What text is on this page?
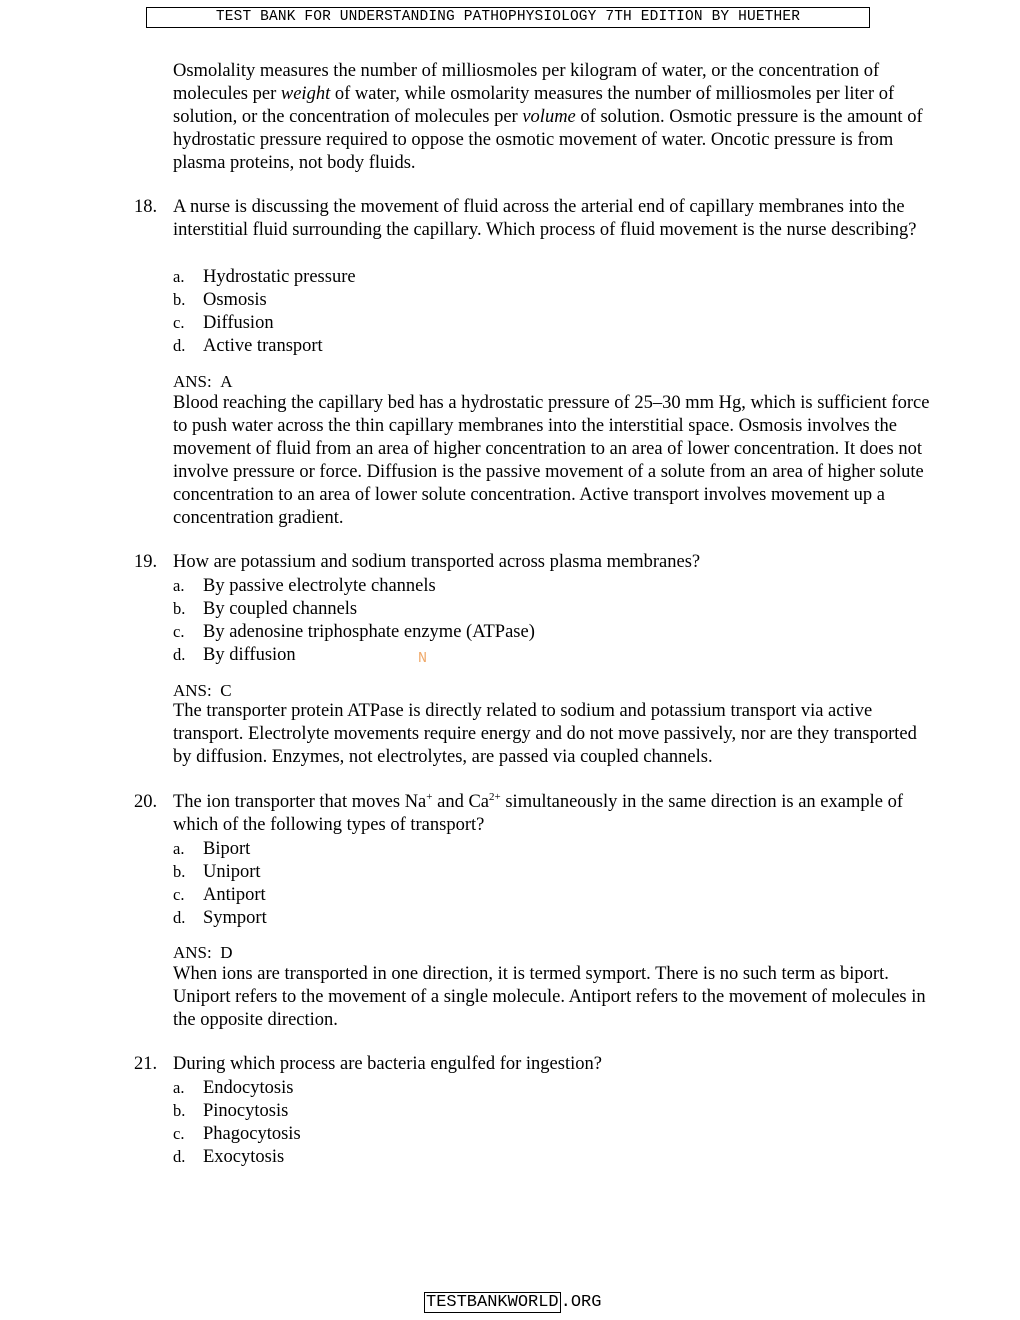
TEST BANK FOR UNDERSTANDING PATHOPHYSIOLOGY 7TH EDITION BY HUETHER

Osmolality measures the number of milliosmoles per kilogram of water, or the concentration of molecules per weight of water, while osmolarity measures the number of milliosmoles per liter of solution, or the concentration of molecules per volume of solution. Osmotic pressure is the amount of hydrostatic pressure required to oppose the osmotic movement of water. Oncotic pressure is from plasma proteins, not body fluids.

18. A nurse is discussing the movement of fluid across the arterial end of capillary membranes into the interstitial fluid surrounding the capillary. Which process of fluid movement is the nurse describing?

a. Hydrostatic pressure
b. Osmosis
c. Diffusion
d. Active transport
ANS: A

Blood reaching the capillary bed has a hydrostatic pressure of 25–30 mm Hg, which is sufficient force to push water across the thin capillary membranes into the interstitial space. Osmosis involves the movement of fluid from an area of higher concentration to an area of lower concentration. It does not involve pressure or force. Diffusion is the passive movement of a solute from an area of higher solute concentration to an area of lower solute concentration. Active transport involves movement up a concentration gradient.

19. How are potassium and sodium transported across plasma membranes?

a. By passive electrolyte channels
b. By coupled channels
c. By adenosine triphosphate enzyme (ATPase)
d. By diffusion	N
ANS: C

The transporter protein ATPase is directly related to sodium and potassium transport via active transport. Electrolyte movements require energy and do not move passively, nor are they transported by diffusion. Enzymes, not electrolytes, are passed via coupled channels.

20. The ion transporter that moves Na+ and $Ca^{2+}$ simultaneously in the same direction is an example of which of the following types of transport?

a. Biport
b. Uniport
c. Antiport
d. Symport
ANS: D

When ions are transported in one direction, it is termed symport. There is no such term as biport. Uniport refers to the movement of a single molecule. Antiport refers to the movement of molecules in the opposite direction.

21. During which process are bacteria engulfed for ingestion?

a. Endocytosis
b. Pinocytosis
c. Phagocytosis
d. Exocytosis
TESTBANKWORLD .ORG
